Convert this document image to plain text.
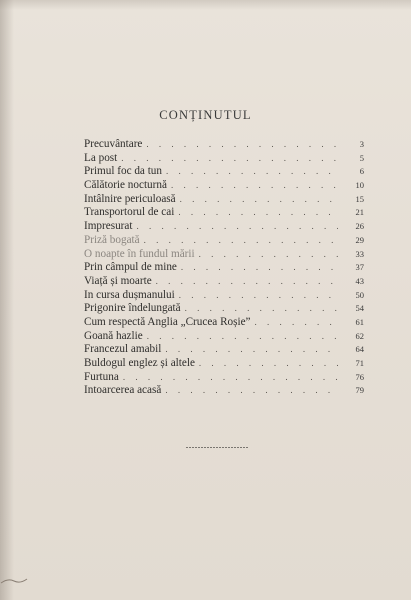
CONȚINUTUL
Precuvântare . . .	3
La post . . .	5
Primul foc da tun . . .	6
Călătorie nocturnă . . .	10
Intâlnire periculoasă . . .	15
Transportorul de cai . . .	21
Impresurat . . .	26
Priză bogată . . .	29
O noapte în fundul mării . . .	33
Prin câmpul de mine . . .	37
Viață și moarte . . .	43
In cursa dușmanului . . .	50
Prigonire îndelungată . . .	54
Cum respectă Anglia „Crucea Roșie” . . .	61
Goană hazlie . . .	62
Francezul amabil . . .	64
Buldogul englez și altele . . .	71
Furtuna . . .	76
Intoarcerea acasă . . .	79
